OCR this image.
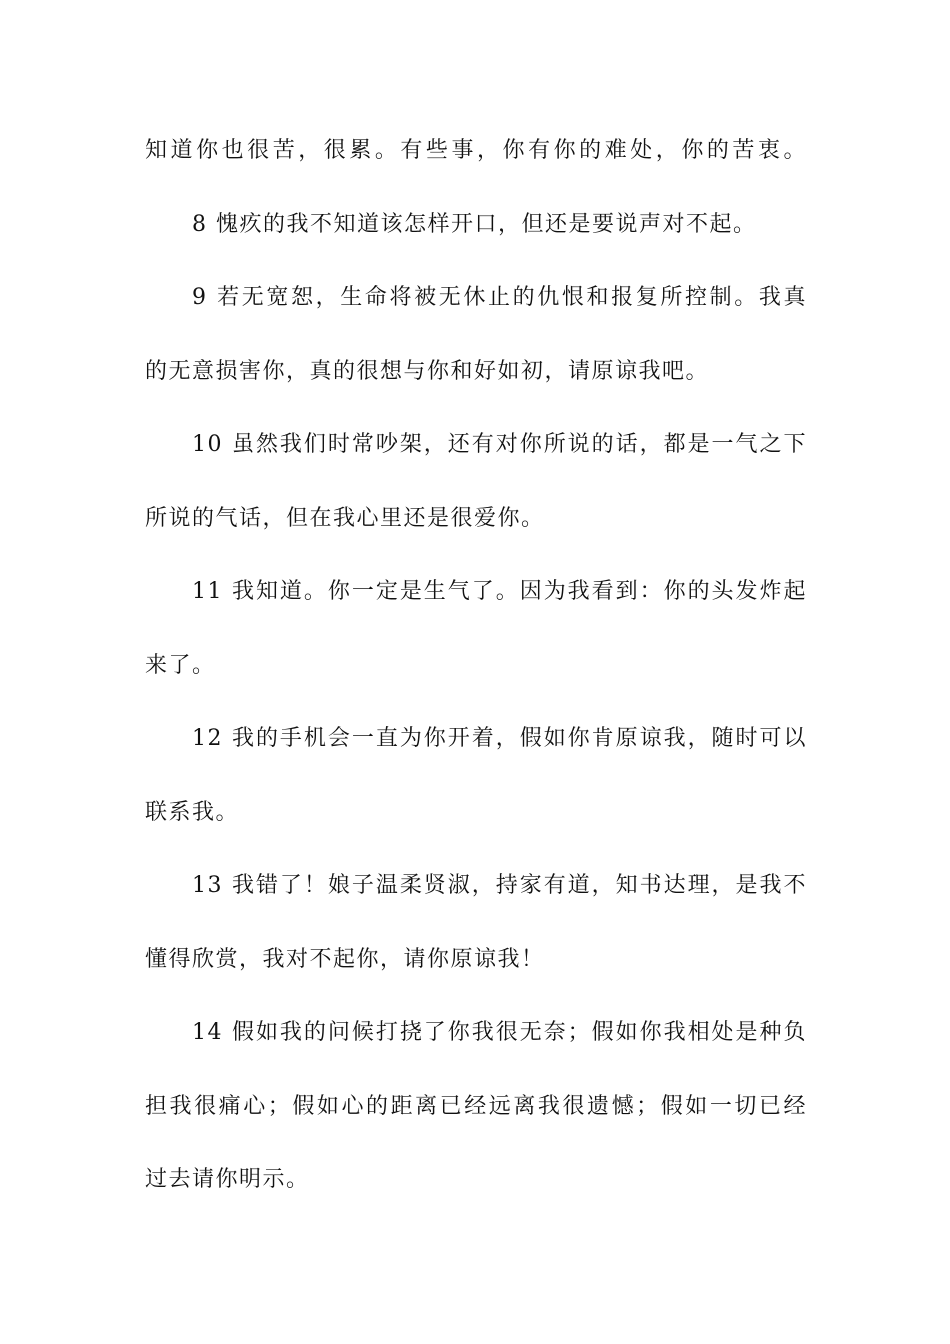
知道你也很苦，很累。有些事，你有你的难处，你的苦衷。
8 愧疚的我不知道该怎样开口，但还是要说声对不起。
9 若无宽恕，生命将被无休止的仇恨和报复所控制。我真
的无意损害你，真的很想与你和好如初，请原谅我吧。
10 虽然我们时常吵架，还有对你所说的话，都是一气之下
所说的气话，但在我心里还是很爱你。
11 我知道。你一定是生气了。因为我看到：你的头发炸起
来了。
12 我的手机会一直为你开着，假如你肯原谅我，随时可以
联系我。
13 我错了！娘子温柔贤淑，持家有道，知书达理，是我不
懂得欣赏，我对不起你，请你原谅我！
14 假如我的问候打挠了你我很无奈；假如你我相处是种负
担我很痛心；假如心的距离已经远离我很遗憾；假如一切已经
过去请你明示。
